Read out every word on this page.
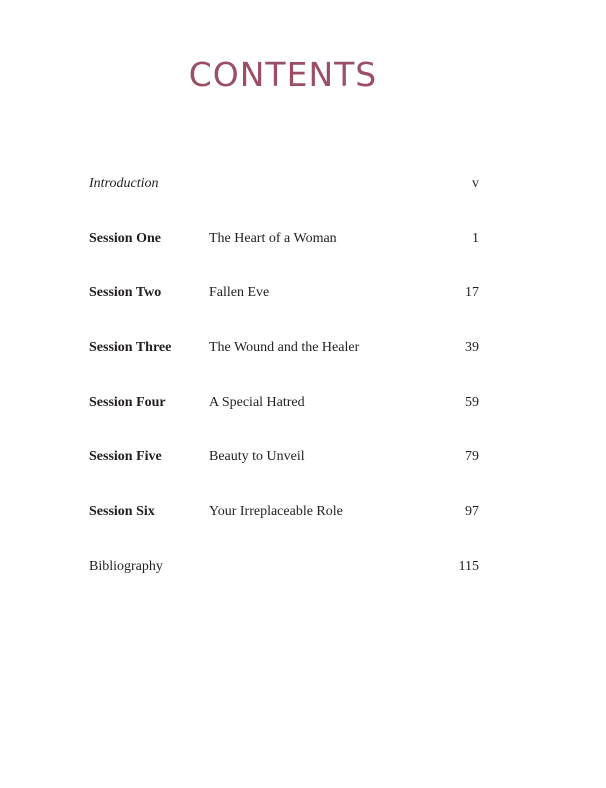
CONTENTS
Introduction	v
Session One	The Heart of a Woman	1
Session Two	Fallen Eve	17
Session Three	The Wound and the Healer	39
Session Four	A Special Hatred	59
Session Five	Beauty to Unveil	79
Session Six	Your Irreplaceable Role	97
Bibliography	115
